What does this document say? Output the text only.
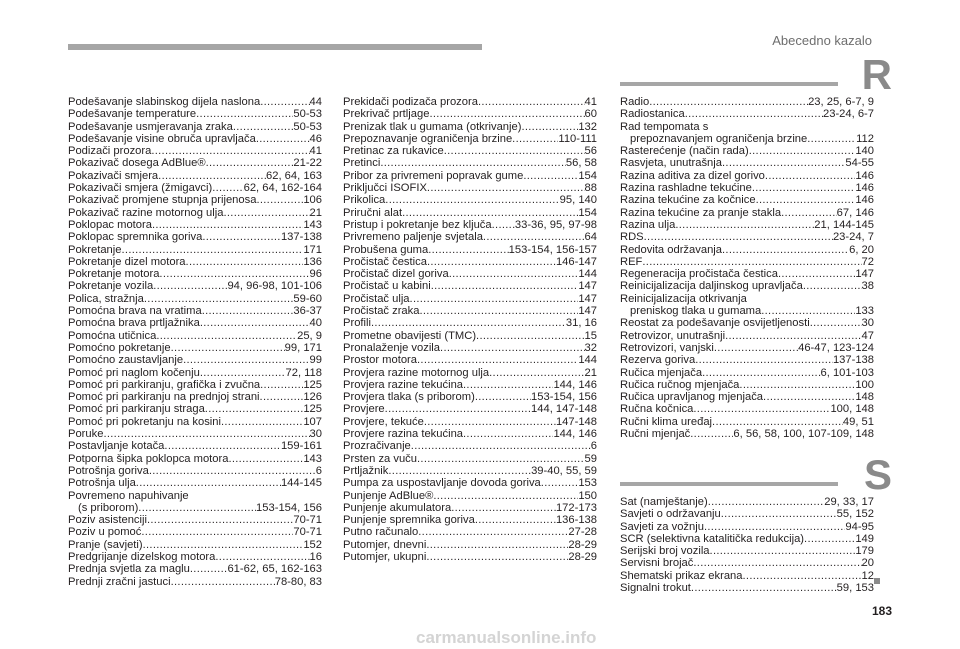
Abecedno kazalo
R
S
Podešavanje slabinskog dijela naslona .....	44
Podešavanje temperature .....	50-53
Podešavanje usmjeravanja zraka .....	50-53
Podešavanje visine obruča upravljača .....	46
Podizači prozora .....	41
Pokazivač dosega AdBlue® .....	21-22
Pokazivači smjera .....	62, 64, 163
Pokazivači smjera (žmigavci) .....	62, 64, 162-164
Pokazivač promjene stupnja prijenosa .....	106
Pokazivač razine motornog ulja .....	21
Poklopac motora .....	143
Poklopac spremnika goriva .....	137-138
Pokretanje .....	171
Pokretanje dizel motora .....	136
Pokretanje motora .....	96
Pokretanje vozila .....	94, 96-98, 101-106
Polica, stražnja .....	59-60
Pomoćna brava na vratima .....	36-37
Pomoćna brava prtljažnika .....	40
Pomoćna utičnica .....	25, 9
Pomoćno pokretanje .....	99, 171
Pomoćno zaustavljanje .....	99
Pomoć pri naglom kočenju .....	72, 118
Pomoć pri parkiranju, grafička i zvučna .....	125
Pomoć pri parkiranju na prednjoj strani .....	126
Pomoć pri parkiranju straga .....	125
Pomoć pri pokretanju na kosini .....	107
Poruke .....	30
Postavljanje kotača .....	159-161
Potporna šipka poklopca motora .....	143
Potrošnja goriva .....	6
Potrošnja ulja .....	144-145
Povremeno napuhivanje
(s priborom) .....	153-154, 156
Poziv asistenciji .....	70-71
Poziv u pomoć .....	70-71
Pranje (savjeti) .....	152
Predgrijanje dizelskog motora .....	16
Prednja svjetla za maglu .....	61-62, 65, 162-163
Prednji zračni jastuci .....	78-80, 83
Prekidači podizača prozora .....	41
Prekrivač prtljage .....	60
Prenizak tlak u gumama (otkrivanje) .....	132
Prepoznavanje ograničenja brzine .....	110-111
Pretinac za rukavice .....	56
Pretinci .....	56, 58
Pribor za privremeni popravak gume .....	154
Priključci ISOFIX .....	88
Prikolica .....	95, 140
Priručni alat .....	154
Pristup i pokretanje bez ključa ..... 33-36, 95, 97-98
Privremeno paljenje svjetala .....	64
Probušena guma .....	153-154, 156-157
Pročistač čestica .....	146-147
Pročistač dizel goriva .....	144
Pročistač u kabini .....	147
Pročistač ulja .....	147
Pročistač zraka .....	147
Profili .....	31, 16
Prometne obavijesti (TMC) .....	15
Pronalaženje vozila .....	32
Prostor motora .....	144
Provjera razine motornog ulja .....	21
Provjera razine tekućina .....	144, 146
Provjera tlaka (s priborom) .....	153-154, 156
Provjere .....	144, 147-148
Provjere, tekuće .....	147-148
Provjere razina tekućina .....	144, 146
Prozračivanje .....	6
Prsten za vuču .....	59
Prtljažnik .....	39-40, 55, 59
Pumpa za uspostavljanje dovoda goriva .....	153
Punjenje AdBlue® .....	150
Punjenje akumulatora .....	172-173
Punjenje spremnika goriva .....	136-138
Putno računalo .....	27-28
Putomjer, dnevni .....	28-29
Putomjer, ukupni .....	28-29
Radio .....	23, 25, 6-7, 9
Radiostanica .....	23-24, 6-7
Rad tempomata s
prepoznavanjem ograničenja brzine .....	112
Rasterećenje (način rada) .....	140
Rasvjeta, unutrašnja .....	54-55
Razina aditiva za dizel gorivo .....	146
Razina rashladne tekućine .....	146
Razina tekućine za kočnice .....	146
Razina tekućine za pranje stakla .....	67, 146
Razina ulja .....	21, 144-145
RDS .....	23-24, 7
Redovita održavanja .....	6, 20
REF .....	72
Regeneracija pročistača čestica .....	147
Reinicijalizacija daljinskog upravljača .....	38
Reinicijalizacija otkrivanja
preniskog tlaka u gumama .....	133
Reostat za podešavanje osvijetljenosti .....	30
Retrovizor, unutrašnji .....	47
Retrovizori, vanjski .....	46-47, 123-124
Rezerva goriva .....	137-138
Ručica mjenjača .....	6, 101-103
Ručica ručnog mjenjača .....	100
Ručica upravljanog mjenjača .....	148
Ručna kočnica .....	100, 148
Ručni klima uređaj .....	49, 51
Ručni mjenjač .....	6, 56, 58, 100, 107-109, 148
Sat (namještanje) .....	29, 33, 17
Savjeti o održavanju .....	55, 152
Savjeti za vožnju .....	94-95
SCR (selektivna katalitička redukcija) .....	149
Serijski broj vozila .....	179
Servisni brojač .....	20
Shematski prikaz ekrana .....	12
Signalni trokut .....	59, 153
183
carmanualsonline.info
